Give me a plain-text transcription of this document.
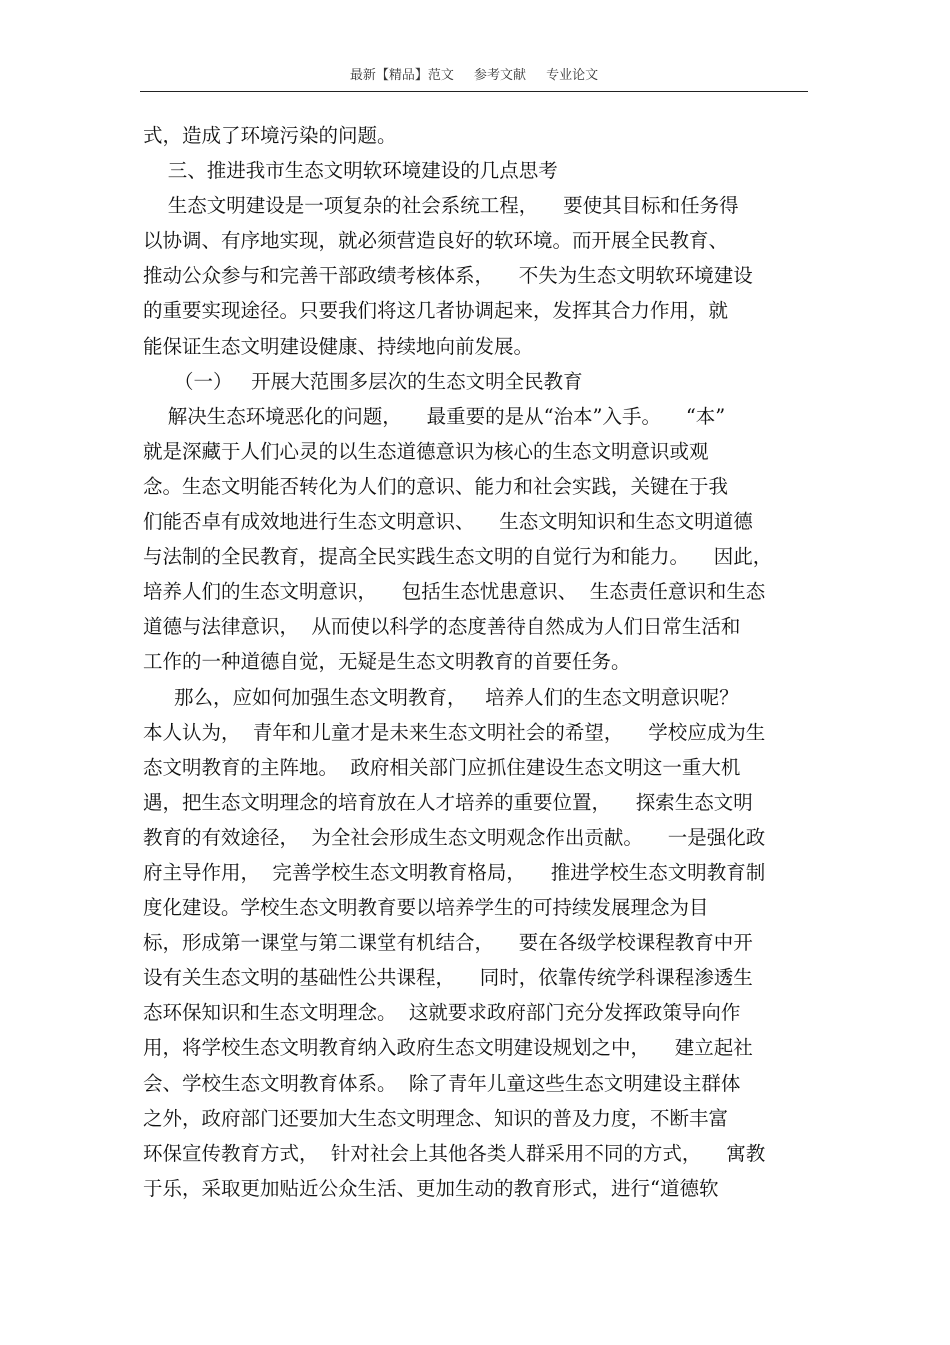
最新【精品】范文 参考文献 专业论文
式，造成了环境污染的问题。
三、推进我市生态文明软环境建设的几点思考
生态文明建设是一项复杂的社会系统工程，    要使其目标和任务得
以协调、有序地实现，就必须营造良好的软环境。而开展全民教育、
推动公众参与和完善干部政绩考核体系，    不失为生态文明软环境建设
的重要实现途径。只要我们将这几者协调起来，发挥其合力作用，就
能保证生态文明建设健康、持续地向前发展。
（一）   开展大范围多层次的生态文明全民教育
解决生态环境恶化的问题，    最重要的是从“治本”入手。    “本”
就是深藏于人们心灵的以生态道德意识为核心的生态文明意识或观
念。生态文明能否转化为人们的意识、能力和社会实践，关键在于我
们能否卓有成效地进行生态文明意识、    生态文明知识和生态文明道德
与法制的全民教育，提高全民实践生态文明的自觉行为和能力。    因此，
培养人们的生态文明意识，    包括生态忧患意识、  生态责任意识和生态
道德与法律意识，  从而使以科学的态度善待自然成为人们日常生活和
工作的一种道德自觉，无疑是生态文明教育的首要任务。
那么，应如何加强生态文明教育，   培养人们的生态文明意识呢？
本人认为，  青年和儿童才是未来生态文明社会的希望，    学校应成为生
态文明教育的主阵地。  政府相关部门应抓住建设生态文明这一重大机
遇，把生态文明理念的培育放在人才培养的重要位置，    探索生态文明
教育的有效途径，  为全社会形成生态文明观念作出贡献。    一是强化政
府主导作用，  完善学校生态文明教育格局，    推进学校生态文明教育制
度化建设。学校生态文明教育要以培养学生的可持续发展理念为目
标，形成第一课堂与第二课堂有机结合，    要在各级学校课程教育中开
设有关生态文明的基础性公共课程，    同时，依靠传统学科课程渗透生
态环保知识和生态文明理念。  这就要求政府部门充分发挥政策导向作
用，将学校生态文明教育纳入政府生态文明建设规划之中，    建立起社
会、学校生态文明教育体系。  除了青年儿童这些生态文明建设主群体
之外，政府部门还要加大生态文明理念、知识的普及力度，不断丰富
环保宣传教育方式，  针对社会上其他各类人群采用不同的方式，    寓教
于乐，采取更加贴近公众生活、更加生动的教育形式，进行“道德软
